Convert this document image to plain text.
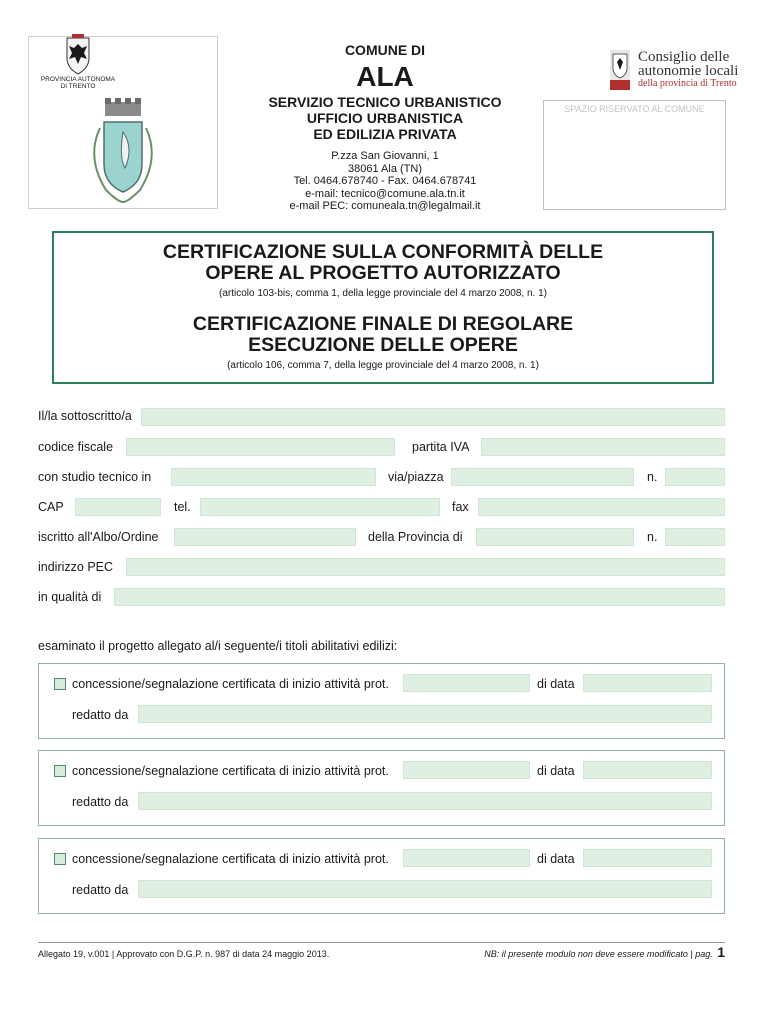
PROVINCIA AUTONOMA
DI TRENTO
COMUNE DI
ALA
SERVIZIO TECNICO URBANISTICO
UFFICIO URBANISTICA
ED EDILIZIA PRIVATA
P.zza San Giovanni, 1
38061 Ala (TN)
Tel. 0464.678740 - Fax. 0464.678741
e-mail: tecnico@comune.ala.tn.it
e-mail PEC: comuneala.tn@legalmail.it
Consiglio delle
autonomie locali
della provincia di Trento
SPAZIO RISERVATO AL COMUNE
CERTIFICAZIONE SULLA CONFORMITÀ DELLE
OPERE AL PROGETTO AUTORIZZATO
(articolo 103-bis, comma 1, della legge provinciale del 4 marzo 2008, n. 1)
CERTIFICAZIONE FINALE DI REGOLARE
ESECUZIONE DELLE OPERE
(articolo 106, comma 7, della legge provinciale del 4 marzo 2008, n. 1)
Il/la sottoscritto/a
codice fiscale	partita IVA
con studio tecnico in	via/piazza	n.
CAP	tel.	fax
iscritto all'Albo/Ordine	della Provincia di	n.
indirizzo PEC
in qualità di
esaminato il progetto allegato al/i seguente/i titoli abilitativi edilizi:
concessione/segnalazione certificata di inizio attività prot.	di data
redatto da
concessione/segnalazione certificata di inizio attività prot.	di data
redatto da
concessione/segnalazione certificata di inizio attività prot.	di data
redatto da
Allegato 19, v.001 | Approvato con D.G.P. n. 987 di data 24 maggio 2013.	NB: il presente modulo non deve essere modificato | pag. 1
